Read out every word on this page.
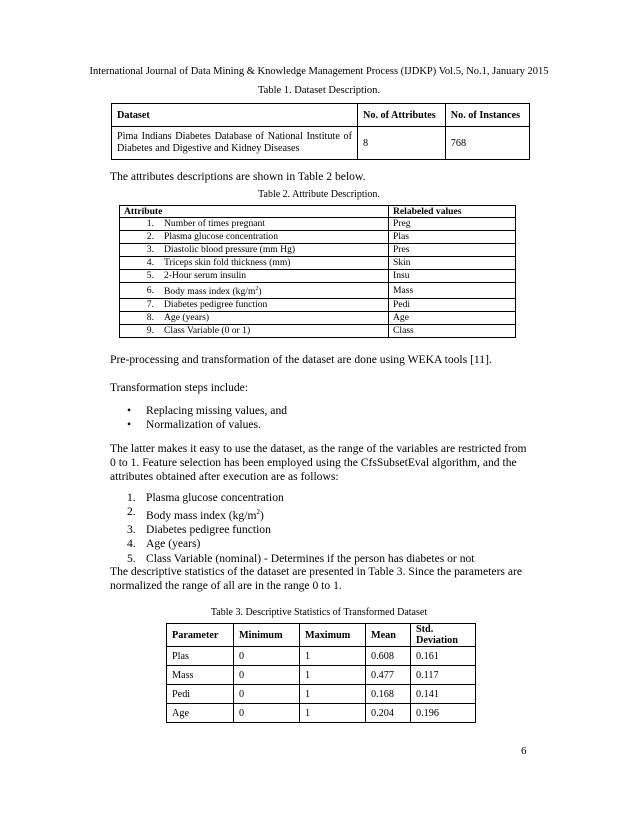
International Journal of Data Mining & Knowledge Management Process (IJDKP) Vol.5, No.1, January 2015
Table 1. Dataset Description.
Dataset	No. of Attributes	No. of Instances
Pima Indians Diabetes Database of National Institute of Diabetes and Digestive and Kidney Diseases	8	768
The attributes descriptions are shown in Table 2 below.
Table 2. Attribute Description.
Attribute		Relabeled values
1.	Number of times pregnant	Preg
2.	Plasma glucose concentration	Plas
3.	Diastolic blood pressure (mm Hg)	Pres
4.	Triceps skin fold thickness (mm)	Skin
5.	2-Hour serum insulin	Insu
6.	Body mass index $(kg/m^2)$	Mass
7.	Diabetes pedigree function	Pedi
8.	Age (years)	Age
9.	Class Variable (0 or 1)	Class
Pre-processing and transformation of the dataset are done using WEKA tools [11].
Transformation steps include:
• Replacing missing values, and
• Normalization of values.
The latter makes it easy to use the dataset, as the range of the variables are restricted from 0 to 1. Feature selection has been employed using the CfsSubsetEval algorithm, and the attributes obtained after execution are as follows:
1. Plasma glucose concentration
2. Body mass index $(kg/m^2)$
3. Diabetes pedigree function
4. Age (years)
5. Class Variable (nominal) - Determines if the person has diabetes or not
The descriptive statistics of the dataset are presented in Table 3. Since the parameters are normalized the range of all are in the range 0 to 1.
Table 3. Descriptive Statistics of Transformed Dataset
Parameter	Minimum	Maximum	Mean	Std. Deviation
Plas	0	1	0.608	0.161
Mass	0	1	0.477	0.117
Pedi	0	1	0.168	0.141
Age	0	1	0.204	0.196
6
